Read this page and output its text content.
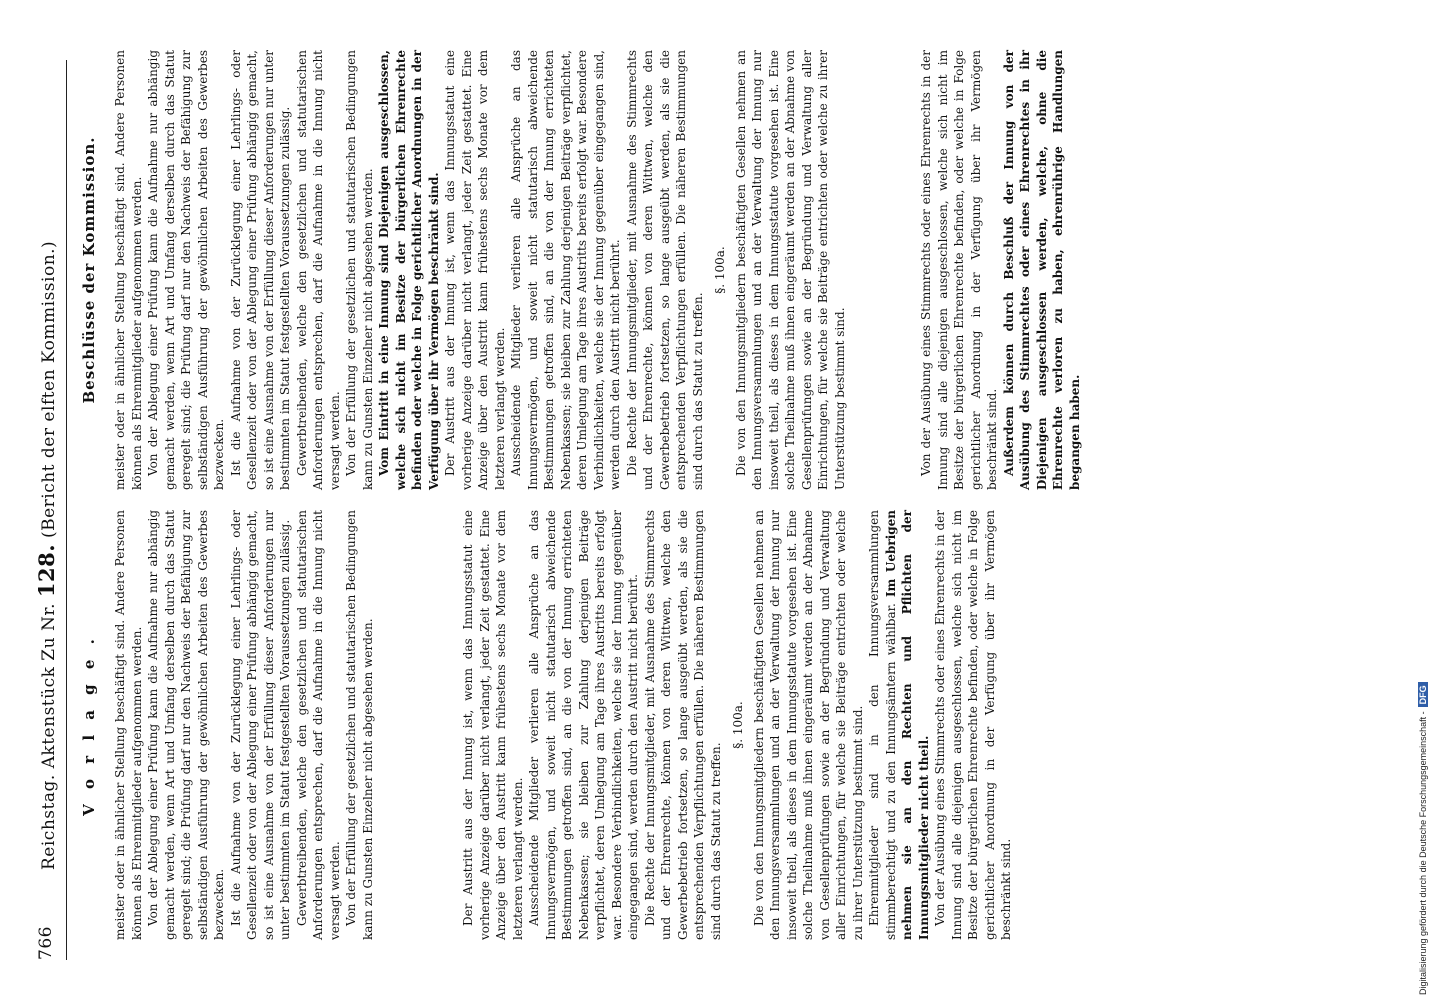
766
Reichstag. Aktenstück Zu Nr. 128. (Bericht der elften Kommission.)
V o r l a g e .
Beschlüsse der Kommission.

meister oder in ähnlicher Stellung beschäftigt sind. Andere Personen können als Ehrenmitglieder aufgenommen werden. Von der Ablegung einer Prüfung kann die Aufnahme nur abhängig gemacht werden, wenn Art und Umfang derselben durch das Statut geregelt sind; die Prüfung darf nur den Nachweis der Befähigung zur selbständigen Ausführung der gewöhnlichen Arbeiten des Gewerbes bezwecken. Ist die Aufnahme von der Zurücklegung einer Lehrlings- oder Gesellenzeit oder von der Ablegung einer Prüfung abhängig gemacht, so ist eine Ausnahme von der Erfüllung dieser Anforderungen nur unter bestimmten im Statut festgestellten Voraussetzungen zulässig. Gewerbtreibenden, welche den gesetzlichen und statutarischen Anforderungen entsprechen, darf die Aufnahme in die Innung nicht versagt werden. Von der Erfüllung der gesetzlichen und statutarischen Bedingungen kann zu Gunsten Einzelner nicht abgesehen werden.	Der Austritt aus der Innung ist, wenn das Innungsstatut eine vorherige Anzeige darüber nicht verlangt, jeder Zeit gestattet. Eine Anzeige über den Austritt kann frühestens sechs Monate vor dem letzteren verlangt werden. Ausscheidende Mitglieder verlieren alle Ansprüche an das Innungsvermögen, und soweit nicht statutarisch abweichende Bestimmungen getroffen sind, an die von der Innung errichteten Nebenkassen; sie bleiben zur Zahlung derjenigen Beiträge verpflichtet, deren Umlegung am Tage ihres Austritts bereits erfolgt war. Besondere Verbindlichkeiten, welche sie der Innung gegenüber eingegangen sind, werden durch den Austritt nicht berührt. Die Rechte der Innungsmitglieder, mit Ausnahme des Stimmrechts und der Ehrenrechte, können von deren Wittwen, welche den Gewerbebetrieb fortsetzen, so lange ausgeübt werden, als sie die entsprechenden Verpflichtungen erfüllen. Die näheren Bestimmungen sind durch das Statut zu treffen.

§. 100a. Die von den Innungsmitgliedern beschäftigten Gesellen nehmen an den Innungsversammlungen und an der Verwaltung der Innung nur insoweit theil, als dieses in dem Innungsstatute vorgesehen ist. Eine solche Theilnahme muß ihnen eingeräumt werden an der Abnahme von Gesellenprüfungen sowie an der Begründung und Verwaltung aller Einrichtungen, für welche sie Beiträge entrichten oder welche zu ihrer Unterstützung bestimmt sind. Ehrenmitglieder sind in den Innungsversammlungen stimmberechtigt und zu den Innungsämtern wählbar. Im Uebrigen nehmen sie an den Rechten und Pflichten der Innungsmitglieder nicht theil. Von der Ausübung eines Stimmrechts oder eines Ehrenrechts in der Innung sind alle diejenigen ausgeschlossen, welche sich nicht im Besitze der bürgerlichen Ehrenrechte befinden, oder welche in Folge gerichtlicher Anordnung in der Verfügung über ihr Vermögen beschränkt sind.

meister oder in ähnlicher Stellung beschäftigt sind. Andere Personen können als Ehrenmitglieder aufgenommen werden. Von der Ablegung einer Prüfung kann die Aufnahme nur abhängig gemacht werden, wenn Art und Umfang derselben durch das Statut geregelt sind; die Prüfung darf nur den Nachweis der Befähigung zur selbständigen Ausführung der gewöhnlichen Arbeiten des Gewerbes bezwecken. Ist die Aufnahme von der Zurücklegung einer Lehrlings- oder Gesellenzeit oder von der Ablegung einer Prüfung abhängig gemacht, so ist eine Ausnahme von der Erfüllung dieser Anforderungen nur unter bestimmten im Statut festgestellten Voraussetzungen zulässig. Gewerbtreibenden, welche den gesetzlichen und statutarischen Anforderungen entsprechen, darf die Aufnahme in die Innung nicht versagt werden. Von der Erfüllung der gesetzlichen und statutarischen Bedingungen kann zu Gunsten Einzelner nicht abgesehen werden. Vom Eintritt in eine Innung sind Diejenigen ausgeschlossen, welche sich nicht im Besitze der bürgerlichen Ehrenrechte befinden oder welche in Folge gerichtlicher Anordnungen in der Verfügung über ihr Vermögen beschränkt sind. Der Austritt aus der Innung ist, wenn das Innungsstatut eine vorherige Anzeige darüber nicht verlangt, jeder Zeit gestattet. Eine Anzeige über den Austritt kann frühestens sechs Monate vor dem letzteren verlangt werden. Ausscheidende Mitglieder verlieren alle Ansprüche an das Innungsvermögen, und soweit nicht statutarisch abweichende Bestimmungen getroffen sind, an die von der Innung errichteten Nebenkassen; sie bleiben zur Zahlung derjenigen Beiträge verpflichtet, deren Umlegung am Tage ihres Austritts bereits erfolgt war. Besondere Verbindlichkeiten, welche sie der Innung gegenüber eingegangen sind, werden durch den Austritt nicht berührt. Die Rechte der Innungsmitglieder, mit Ausnahme des Stimmrechts und der Ehrenrechte, können von deren Wittwen, welche den Gewerbebetrieb fortsetzen, so lange ausgeübt werden, als sie die entsprechenden Verpflichtungen erfüllen. Die näheren Bestimmungen sind durch das Statut zu treffen.

§. 100a. Die von den Innungsmitgliedern beschäftigten Gesellen nehmen an den Innungsversammlungen und an der Verwaltung der Innung nur insoweit theil, als dieses in dem Innungsstatute vorgesehen ist. Eine solche Theilnahme muß ihnen eingeräumt werden an der Abnahme von Gesellenprüfungen sowie an der Begründung und Verwaltung aller Einrichtungen, für welche sie Beiträge entrichten oder welche zu ihrer Unterstützung bestimmt sind.	Von der Ausübung eines Stimmrechts oder eines Ehrenrechts in der Innung sind alle diejenigen ausgeschlossen, welche sich nicht im Besitze der bürgerlichen Ehrenrechte befinden, oder welche in Folge gerichtlicher Anordnung in der Verfügung über ihr Vermögen beschränkt sind. Außerdem können durch Beschluß der Innung von der Ausübung des Stimmrechtes oder eines Ehrenrechtes in ihr Diejenigen ausgeschlossen werden, welche, ohne die Ehrenrechte verloren zu haben, ehrenrührige Handlungen begangen haben.

Digitalisierung gefördert durch die Deutsche Forschungsgemeinschaft -DFG
